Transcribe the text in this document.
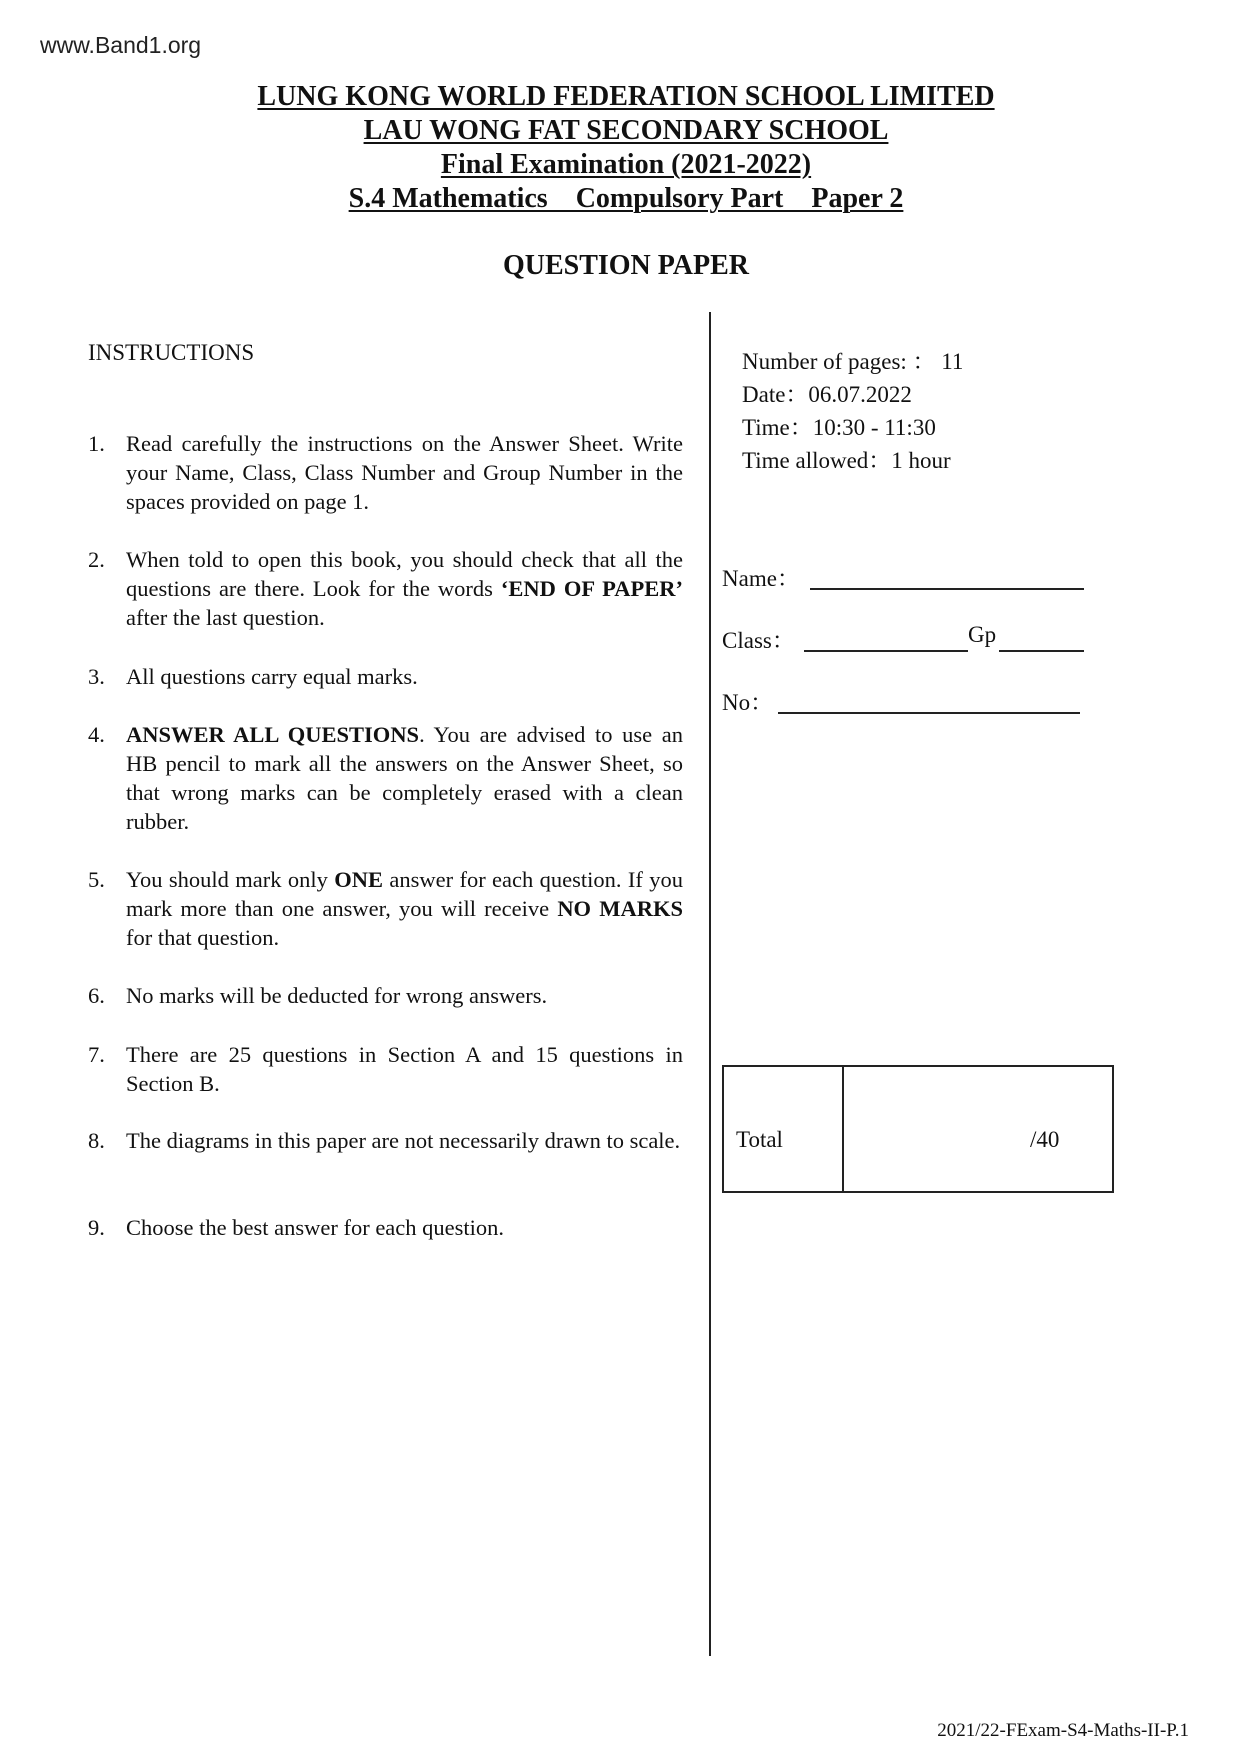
www.Band1.org
LUNG KONG WORLD FEDERATION SCHOOL LIMITED
LAU WONG FAT SECONDARY SCHOOL
Final Examination (2021-2022)
S.4 Mathematics    Compulsory Part    Paper 2
QUESTION PAPER
INSTRUCTIONS
1. Read carefully the instructions on the Answer Sheet. Write your Name, Class, Class Number and Group Number in the spaces provided on page 1.
2. When told to open this book, you should check that all the questions are there. Look for the words ‘END OF PAPER’ after the last question.
3. All questions carry equal marks.
4. ANSWER ALL QUESTIONS. You are advised to use an HB pencil to mark all the answers on the Answer Sheet, so that wrong marks can be completely erased with a clean rubber.
5. You should mark only ONE answer for each question. If you mark more than one answer, you will receive NO MARKS for that question.
6. No marks will be deducted for wrong answers.
7. There are 25 questions in Section A and 15 questions in Section B.
8. The diagrams in this paper are not necessarily drawn to scale.
9. Choose the best answer for each question.
Number of pages: ： 11
Date：06.07.2022
Time：10:30 - 11:30
Time allowed：1 hour
Name：
Class：	Gp
No：
Total	/40
2021/22-FExam-S4-Maths-II-P.1
